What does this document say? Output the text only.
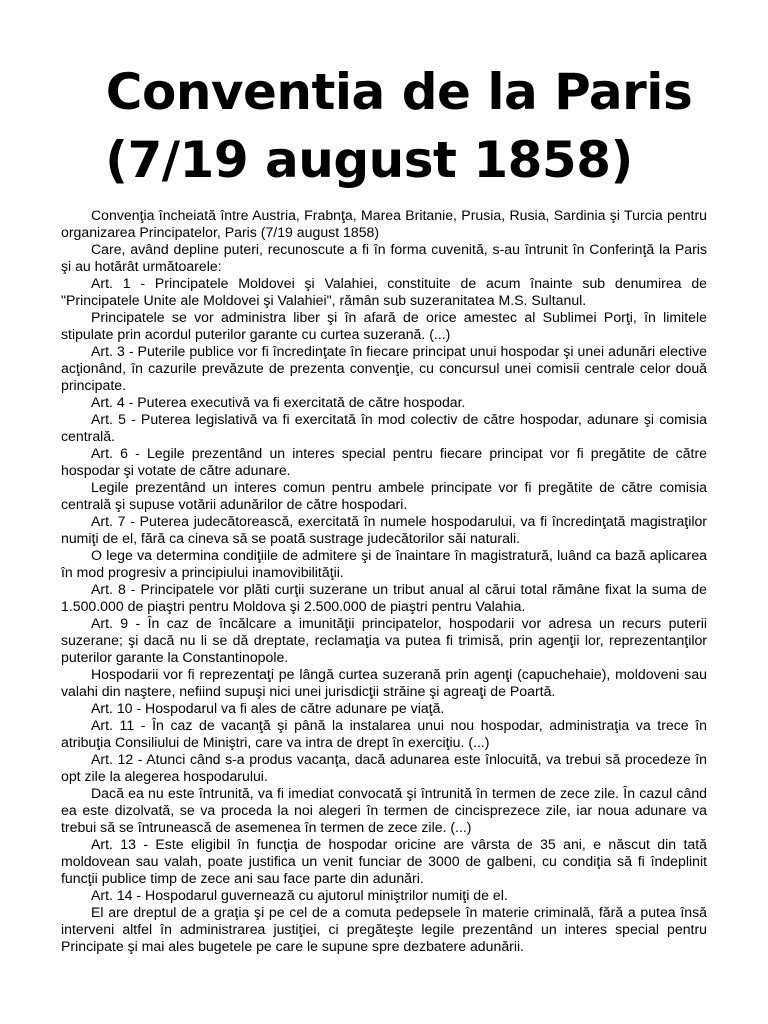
Conventia de la Paris
(7/19 august 1858)

Convenţia încheiată între Austria, Frabnţa, Marea Britanie, Prusia, Rusia, Sardinia şi Turcia pentru organizarea Principatelor, Paris (7/19 august 1858)

Care, având depline puteri, recunoscute a fi în forma cuvenită, s-au întrunit în Conferinţă la Paris şi au hotărât următoarele:

Art. 1 - Principatele Moldovei şi Valahiei, constituite de acum înainte sub denumirea de "Principatele Unite ale Moldovei şi Valahiei", rămân sub suzeranitatea M.S. Sultanul.

Principatele se vor administra liber şi în afară de orice amestec al Sublimei Porţi, în limitele stipulate prin acordul puterilor garante cu curtea suzerană. (...)

Art. 3 - Puterile publice vor fi încredinţate în fiecare principat unui hospodar şi unei adunări elective acţionând, în cazurile prevăzute de prezenta convenţie, cu concursul unei comisii centrale celor două principate.

Art. 4 - Puterea executivă va fi exercitată de către hospodar.

Art. 5 - Puterea legislativă va fi exercitată în mod colectiv de către hospodar, adunare şi comisia centrală.

Art. 6 - Legile prezentând un interes special pentru fiecare principat vor fi pregătite de către hospodar şi votate de către adunare.

Legile prezentând un interes comun pentru ambele principate vor fi pregătite de către comisia centrală şi supuse votării adunărilor de către hospodari.

Art. 7 - Puterea judecătorească, exercitată în numele hospodarului, va fi încredinţată magistraţilor numiţi de el, fără ca cineva să se poată sustrage judecătorilor săi naturali.

O lege va determina condiţiile de admitere şi de înaintare în magistratură, luând ca bază aplicarea în mod progresiv a principiului inamovibilităţii.

Art. 8 - Principatele vor plăti curţii suzerane un tribut anual al cărui total rămâne fixat la suma de 1.500.000 de piaştri pentru Moldova şi 2.500.000 de piaştri pentru Valahia.

Art. 9 - În caz de încălcare a imunităţii principatelor, hospodarii vor adresa un recurs puterii suzerane; şi dacă nu li se dă dreptate, reclamaţia va putea fi trimisă, prin agenţii lor, reprezentanţilor puterilor garante la Constantinopole.

Hospodarii vor fi reprezentaţi pe lângă curtea suzerană prin agenţi (capuchehaie), moldoveni sau valahi din naştere, nefiind supuşi nici unei jurisdicţii străine şi agreaţi de Poartă.

Art. 10 - Hospodarul va fi ales de către adunare pe viaţă.

Art. 11 - În caz de vacanţă şi până la instalarea unui nou hospodar, administraţia va trece în atribuţia Consiliului de Miniştri, care va intra de drept în exerciţiu. (...)

Art. 12 - Atunci când s-a produs vacanţa, dacă adunarea este înlocuită, va trebui să procedeze în opt zile la alegerea hospodarului.

Dacă ea nu este întrunită, va fi imediat convocată şi întrunită în termen de zece zile. În cazul când ea este dizolvată, se va proceda la noi alegeri în termen de cincisprezece zile, iar noua adunare va trebui să se întrunească de asemenea în termen de zece zile. (...)

Art. 13 - Este eligibil în funcţia de hospodar oricine are vârsta de 35 ani, e născut din tată moldovean sau valah, poate justifica un venit funciar de 3000 de galbeni, cu condiţia să fi îndeplinit funcţii publice timp de zece ani sau face parte din adunări.

Art. 14 - Hospodarul guvernează cu ajutorul miniştrilor numiţi de el.

El are dreptul de a graţia şi pe cel de a comuta pedepsele în materie criminală, fără a putea însă interveni altfel în administrarea justiţiei, ci pregăteşte legile prezentând un interes special pentru Principate şi mai ales bugetele pe care le supune spre dezbatere adunării.
